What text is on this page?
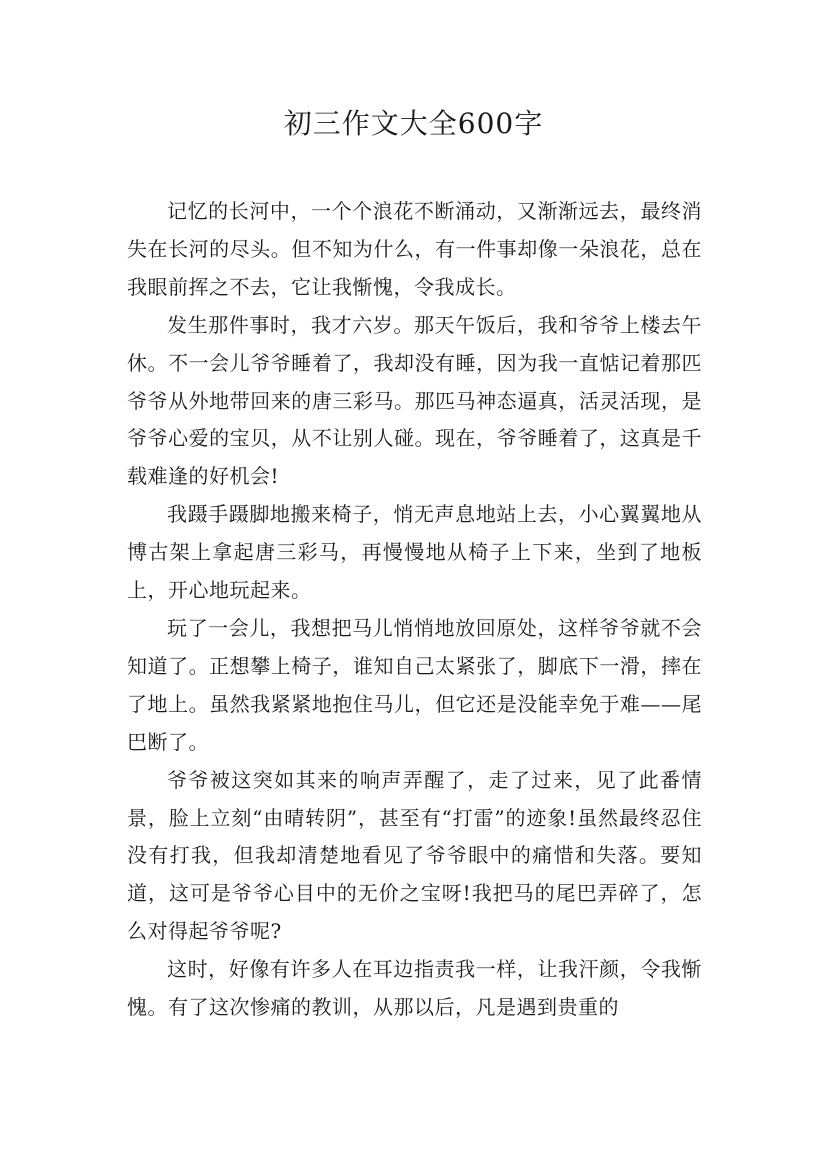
初三作文大全600字

记忆的长河中，一个个浪花不断涌动，又渐渐远去，最终消失在长河的尽头。但不知为什么，有一件事却像一朵浪花，总在我眼前挥之不去，它让我惭愧，令我成长。

发生那件事时，我才六岁。那天午饭后，我和爷爷上楼去午休。不一会儿爷爷睡着了，我却没有睡，因为我一直惦记着那匹爷爷从外地带回来的唐三彩马。那匹马神态逼真，活灵活现，是爷爷心爱的宝贝，从不让别人碰。现在，爷爷睡着了，这真是千载难逢的好机会!

我蹑手蹑脚地搬来椅子，悄无声息地站上去，小心翼翼地从博古架上拿起唐三彩马，再慢慢地从椅子上下来，坐到了地板上，开心地玩起来。

玩了一会儿，我想把马儿悄悄地放回原处，这样爷爷就不会知道了。正想攀上椅子，谁知自己太紧张了，脚底下一滑，摔在了地上。虽然我紧紧地抱住马儿，但它还是没能幸免于难——尾巴断了。

爷爷被这突如其来的响声弄醒了，走了过来，见了此番情景，脸上立刻“由晴转阴”，甚至有“打雷”的迹象!虽然最终忍住没有打我，但我却清楚地看见了爷爷眼中的痛惜和失落。要知道，这可是爷爷心目中的无价之宝呀!我把马的尾巴弄碎了，怎么对得起爷爷呢?

这时，好像有许多人在耳边指责我一样，让我汗颜，令我惭愧。有了这次惨痛的教训，从那以后，凡是遇到贵重的
